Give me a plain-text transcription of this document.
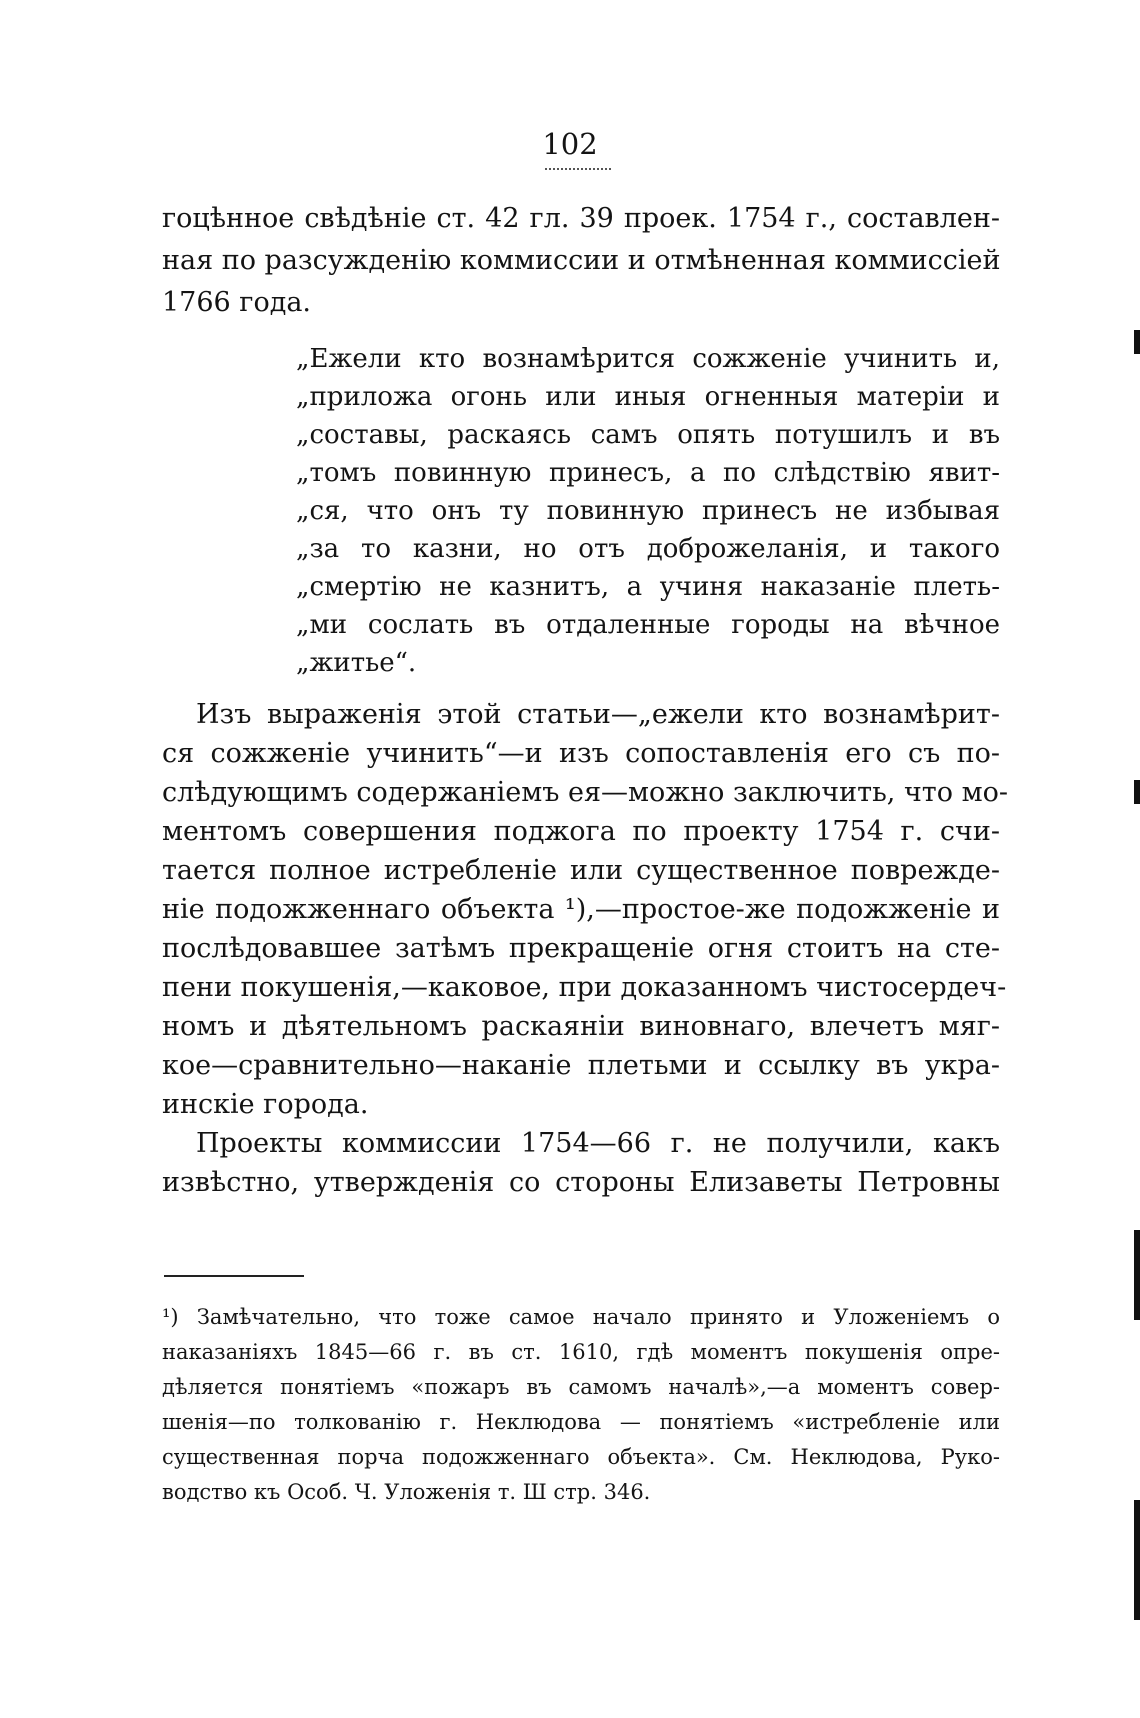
102
гоцѣнное свѣдѣніе ст. 42 гл. 39 проек. 1754 г., составлен-
ная по разсужденію коммиссии и отмѣненная коммиссіей
1766 года.
„Ежели кто вознамѣрится сожженіе учинить и,
„приложа огонь или иныя огненныя матеріи и
„составы, раскаясь самъ опять потушилъ и въ
„томъ повинную принесъ, а по слѣдствію явит-
„ся, что онъ ту повинную принесъ не избывая
„за то казни, но отъ доброжеланія, и такого
„смертію не казнитъ, а учиня наказаніе плеть-
„ми сослать въ отдаленные городы на вѣчное
„житье“.
Изъ выраженія этой статьи—„ежели кто вознамѣрит-
ся сожженіе учинить“—и изъ сопоставленія его съ по-
слѣдующимъ содержаніемъ ея—можно заключить, что мо-
ментомъ совершения поджога по проекту 1754 г. счи-
тается полное истребленіе или существенное поврежде-
ніе подожженнаго объекта ¹),—простое-же подожженіе и
послѣдовавшее затѣмъ прекращеніе огня стоитъ на сте-
пени покушенія,—каковое, при доказанномъ чистосердеч-
номъ и дѣятельномъ раскаяніи виновнаго, влечетъ мяг-
кое—сравнительно—наканіе плетьми и ссылку въ укра-
инскіе города.
Проекты коммиссии 1754—66 г. не получили, какъ
извѣстно, утвержденія со стороны Елизаветы Петровны
¹) Замѣчательно, что тоже самое начало принято и Уложеніемъ о
наказаніяхъ 1845—66 г. въ ст. 1610, гдѣ моментъ покушенія опре-
дѣляется понятіемъ «пожаръ въ самомъ началѣ»,—а моментъ совер-
шенія—по толкованію г. Неклюдова — понятіемъ «истребленіе или
существенная порча подожженнаго объекта». См. Неклюдова, Руко-
водство къ Особ. Ч. Уложенія т. Ш стр. 346.
